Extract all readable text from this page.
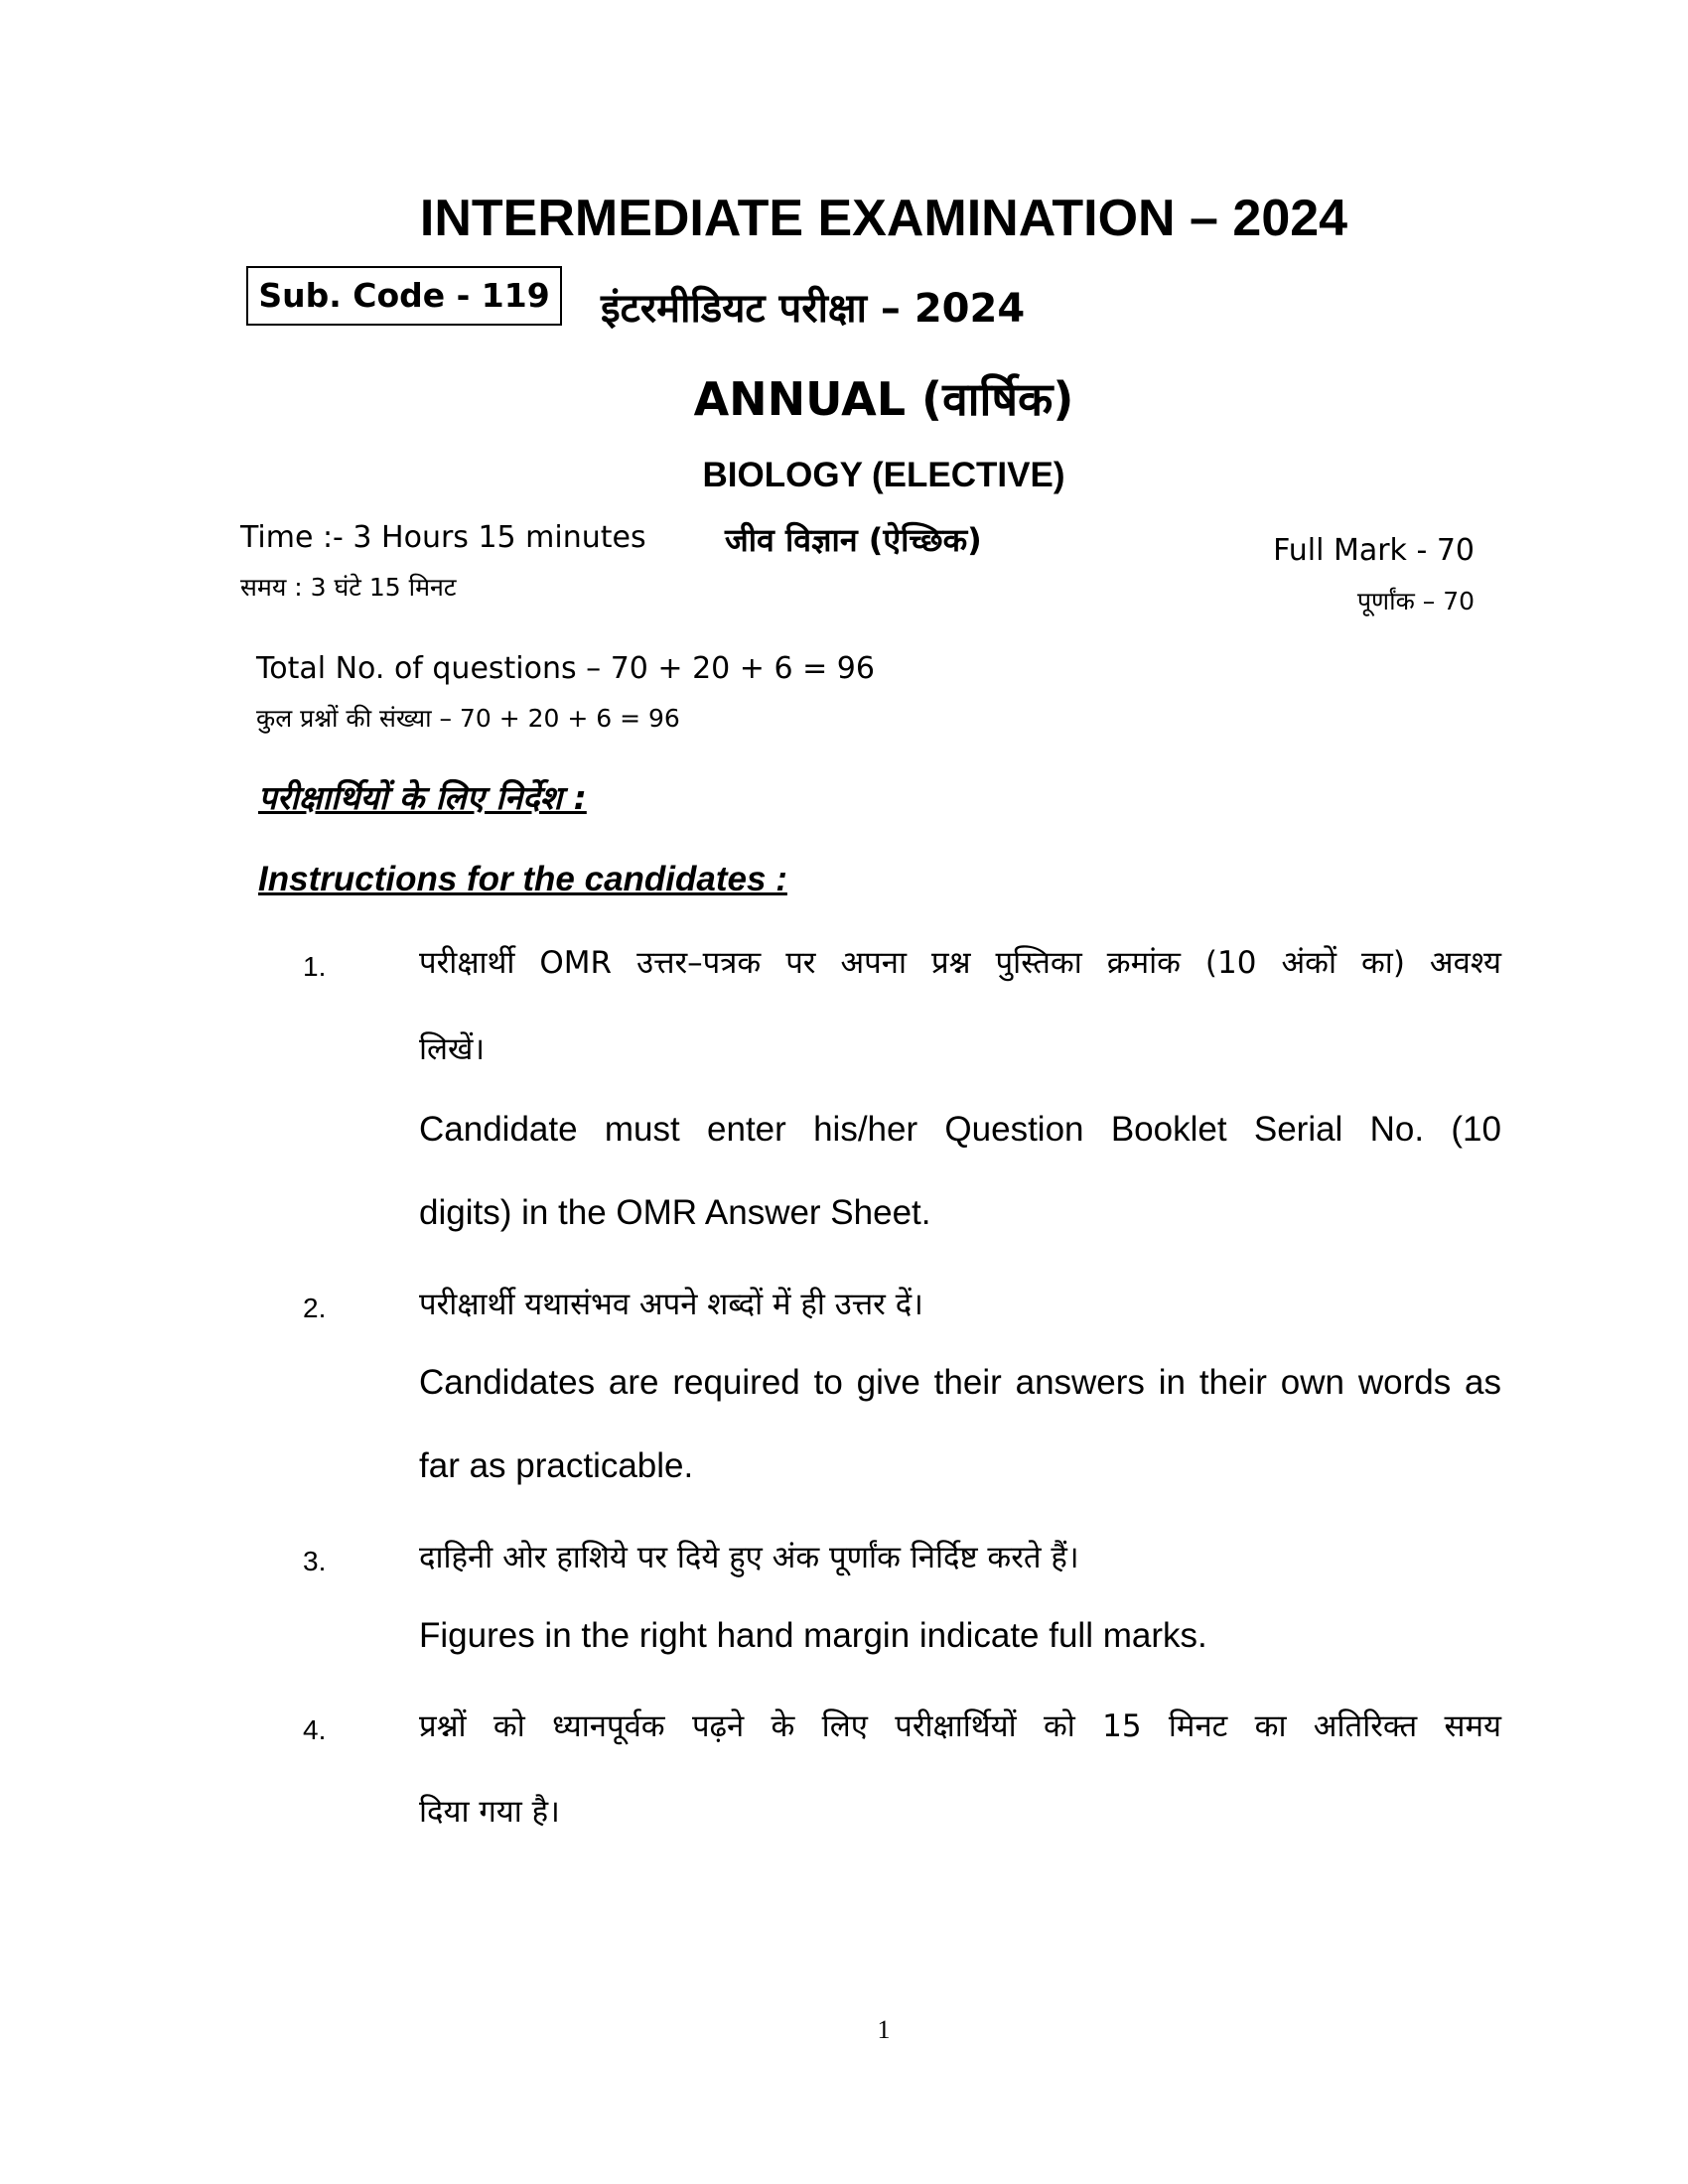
INTERMEDIATE EXAMINATION – 2024
Sub. Code - 119	इंटरमीडियट परीक्षा – 2024
ANNUAL (वार्षिक)
BIOLOGY (ELECTIVE)
Time :- 3 Hours 15 minutes
समय : 3 घंटे 15 मिनट
जीव विज्ञान (ऐच्छिक)	Full Mark - 70
पूर्णांक – 70
Total No. of questions – 70 + 20 + 6 = 96
कुल प्रश्नों की संख्या – 70 + 20 + 6 = 96
परीक्षार्थियों के लिए निर्देश :
Instructions for the candidates :
1.	परीक्षार्थी OMR उत्तर–पत्रक पर अपना प्रश्न पुस्तिका क्रमांक (10 अंकों का) अवश्य
लिखें।
Candidate must enter his/her Question Booklet Serial No. (10
digits) in the OMR Answer Sheet.
2.	परीक्षार्थी यथासंभव अपने शब्दों में ही उत्तर दें।
Candidates are required to give their answers in their own words as
far as practicable.
3.	दाहिनी ओर हाशिये पर दिये हुए अंक पूर्णांक निर्दिष्ट करते हैं।
Figures in the right hand margin indicate full marks.
4.	प्रश्नों को ध्यानपूर्वक पढ़ने के लिए परीक्षार्थियों को 15 मिनट का अतिरिक्त समय
दिया गया है।
1
